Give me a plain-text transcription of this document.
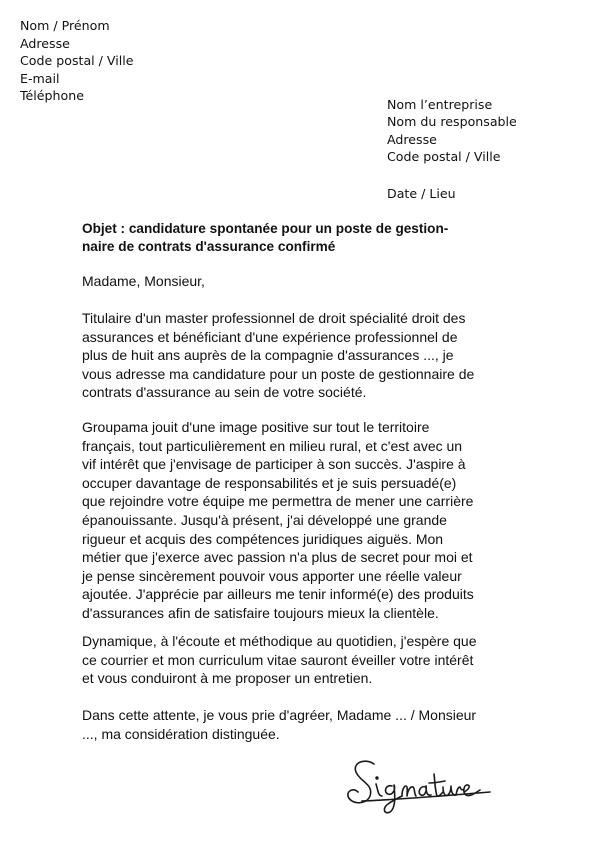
Nom / Prénom
Adresse
Code postal / Ville
E-mail
Téléphone
Nom l’entreprise
Nom du responsable
Adresse
Code postal / Ville
Date / Lieu
Objet : candidature spontanée pour un poste de gestion-
naire de contrats d'assurance confirmé
Madame, Monsieur,
Titulaire d'un master professionnel de droit spécialité droit des
assurances et bénéficiant d'une expérience professionnel de
plus de huit ans auprès de la compagnie d'assurances ..., je
vous adresse ma candidature pour un poste de gestionnaire de
contrats d'assurance au sein de votre société.
Groupama jouit d'une image positive sur tout le territoire
français, tout particulièrement en milieu rural, et c'est avec un
vif intérêt que j'envisage de participer à son succès. J'aspire à
occuper davantage de responsabilités et je suis persuadé(e)
que rejoindre votre équipe me permettra de mener une carrière
épanouissante. Jusqu'à présent, j'ai développé une grande
rigueur et acquis des compétences juridiques aiguës. Mon
métier que j'exerce avec passion n'a plus de secret pour moi et
je pense sincèrement pouvoir vous apporter une réelle valeur
ajoutée. J'apprécie par ailleurs me tenir informé(e) des produits
d'assurances afin de satisfaire toujours mieux la clientèle.
Dynamique, à l'écoute et méthodique au quotidien, j'espère que
ce courrier et mon curriculum vitae sauront éveiller votre intérêt
et vous conduiront à me proposer un entretien.
Dans cette attente, je vous prie d'agréer, Madame ... / Monsieur
..., ma considération distinguée.
